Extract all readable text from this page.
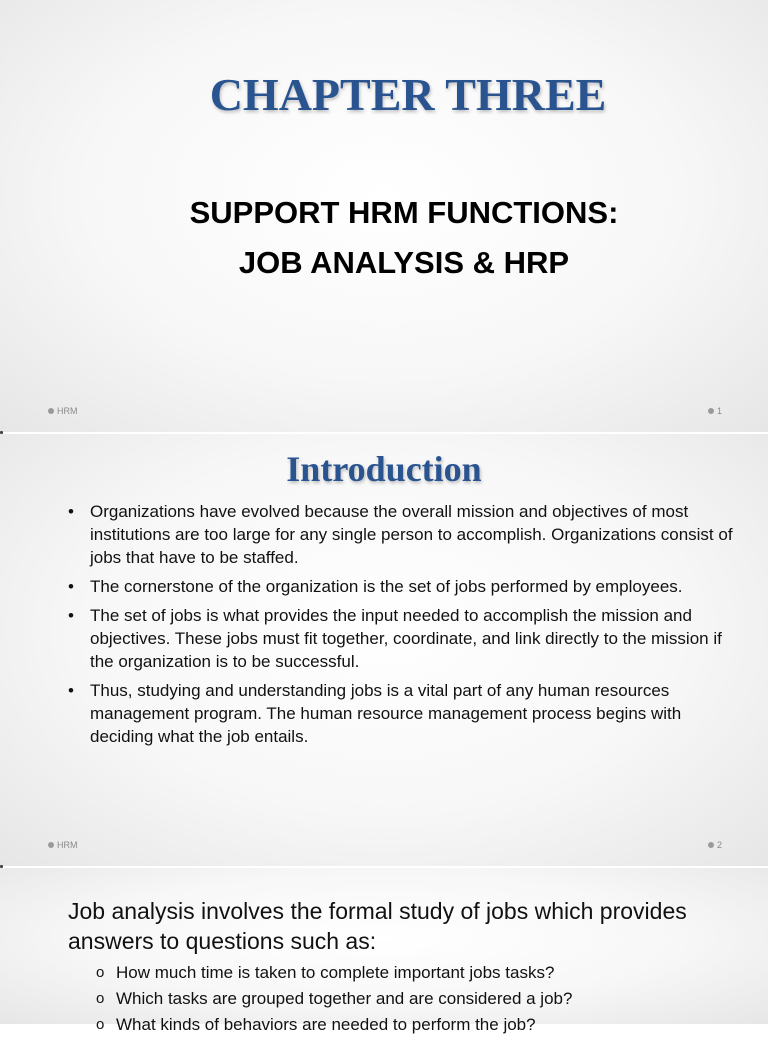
CHAPTER THREE
SUPPORT HRM FUNCTIONS:
JOB ANALYSIS & HRP
HRM	1
Introduction
• Organizations have evolved because the overall mission and objectives of most institutions are too large for any single person to accomplish. Organizations consist of jobs that have to be staffed.
• The cornerstone of the organization is the set of jobs performed by employees.
• The set of jobs is what provides the input needed to accomplish the mission and objectives. These jobs must fit together, coordinate, and link directly to the mission if the organization is to be successful.
• Thus, studying and understanding jobs is a vital part of any human resources management program. The human resource management process begins with deciding what the job entails.
HRM	2

Job analysis involves the formal study of jobs which provides answers to questions such as:

o How much time is taken to complete important jobs tasks?
o Which tasks are grouped together and are considered a job?
o What kinds of behaviors are needed to perform the job?
